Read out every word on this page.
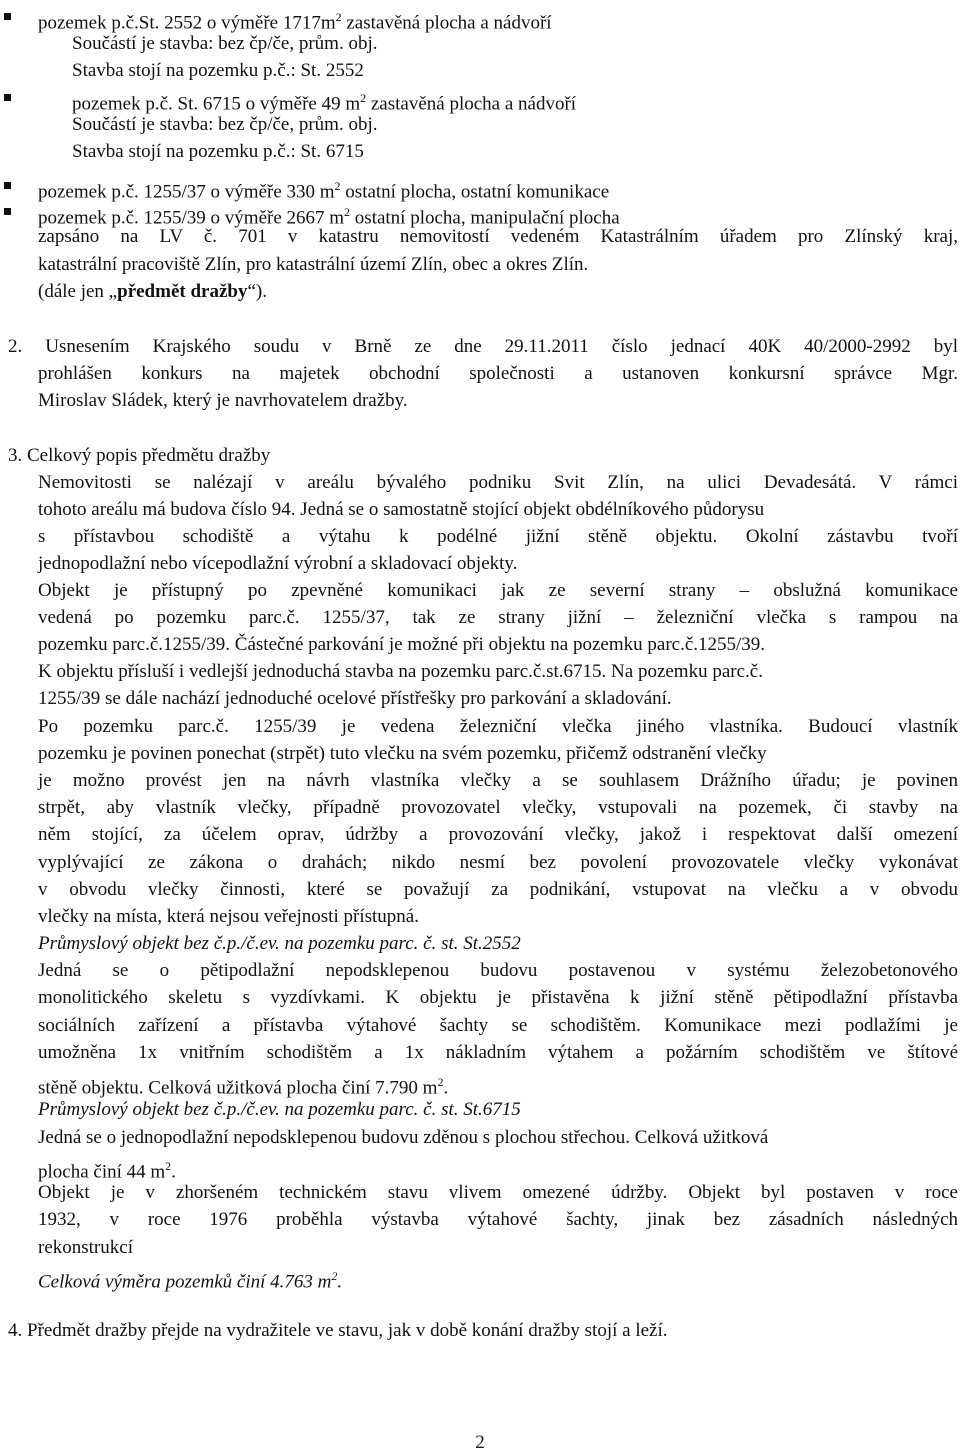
pozemek p.č.St. 2552 o výměře $1717m^2$ zastavěná plocha a nádvoří
Součástí je stavba: bez čp/če, prům. obj.
Stavba stojí na pozemku p.č.: St. 2552
pozemek p.č. St. 6715 o výměře 49 $m^2$ zastavěná plocha a nádvoří
Součástí je stavba: bez čp/če, prům. obj.
Stavba stojí na pozemku p.č.: St. 6715
pozemek p.č. 1255/37 o výměře 330 $m^2$ ostatní plocha, ostatní komunikace
pozemek p.č. 1255/39 o výměře 2667 $m^2$ ostatní plocha, manipulační plocha
zapsáno na LV č. 701 v katastru nemovitostí vedeném Katastrálním úřadem pro Zlínský kraj,
katastrální pracoviště Zlín, pro katastrální území Zlín, obec a okres Zlín.
(dále jen „předmět dražby“).
2. Usnesením Krajského soudu v Brně ze dne 29.11.2011 číslo jednací 40K 40/2000-2992 byl
prohlášen konkurs na majetek obchodní společnosti a ustanoven konkursní správce Mgr.
Miroslav Sládek, který je navrhovatelem dražby.
3. Celkový popis předmětu dražby
Nemovitosti se nalézají v areálu bývalého podniku Svit Zlín, na ulici Devadesátá. V rámci
tohoto areálu má budova číslo 94. Jedná se o samostatně stojící objekt obdélníkového půdorysu
s přístavbou schodiště a výtahu k podélné jižní stěně objektu. Okolní zástavbu tvoří
jednopodlažní nebo vícepodlažní výrobní a skladovací objekty.
Objekt je přístupný po zpevněné komunikaci jak ze severní strany – obslužná komunikace
vedená po pozemku parc.č. 1255/37, tak ze strany jižní – železniční vlečka s rampou na
pozemku parc.č.1255/39. Částečné parkování je možné při objektu na pozemku parc.č.1255/39.
K objektu přísluší i vedlejší jednoduchá stavba na pozemku parc.č.st.6715. Na pozemku parc.č.
1255/39 se dále nachází jednoduché ocelové přístřešky pro parkování a skladování.
Po pozemku parc.č. 1255/39 je vedena železniční vlečka jiného vlastníka. Budoucí vlastník
pozemku je povinen ponechat (strpět) tuto vlečku na svém pozemku, přičemž odstranění vlečky
je možno provést jen na návrh vlastníka vlečky a se souhlasem Drážního úřadu; je povinen
strpět, aby vlastník vlečky, případně provozovatel vlečky, vstupovali na pozemek, či stavby na
něm stojící, za účelem oprav, údržby a provozování vlečky, jakož i respektovat další omezení
vyplývající ze zákona o drahách; nikdo nesmí bez povolení provozovatele vlečky vykonávat
v obvodu vlečky činnosti, které se považují za podnikání, vstupovat na vlečku a v obvodu
vlečky na místa, která nejsou veřejnosti přístupná.
Průmyslový objekt bez č.p./č.ev. na pozemku parc. č. st. St.2552
Jedná se o pětipodlažní nepodsklepenou budovu postavenou v systému železobetonového
monolitického skeletu s vyzdívkami. K objektu je přistavěna k jižní stěně pětipodlažní přístavba
sociálních zařízení a přístavba výtahové šachty se schodištěm. Komunikace mezi podlažími je
umožněna 1x vnitřním schodištěm a 1x nákladním výtahem a požárním schodištěm ve štítové
stěně objektu. Celková užitková plocha činí 7.790 $m^2$.
Průmyslový objekt bez č.p./č.ev. na pozemku parc. č. st. St.6715
Jedná se o jednopodlažní nepodsklepenou budovu zděnou s plochou střechou. Celková užitková
plocha činí 44 $m^2$.
Objekt je v zhoršeném technickém stavu vlivem omezené údržby. Objekt byl postaven v roce
1932, v roce 1976 proběhla výstavba výtahové šachty, jinak bez zásadních následných
rekonstrukcí
Celková výměra pozemků činí 4.763 $m^2$.
4. Předmět dražby přejde na vydražitele ve stavu, jak v době konání dražby stojí a leží.
2
